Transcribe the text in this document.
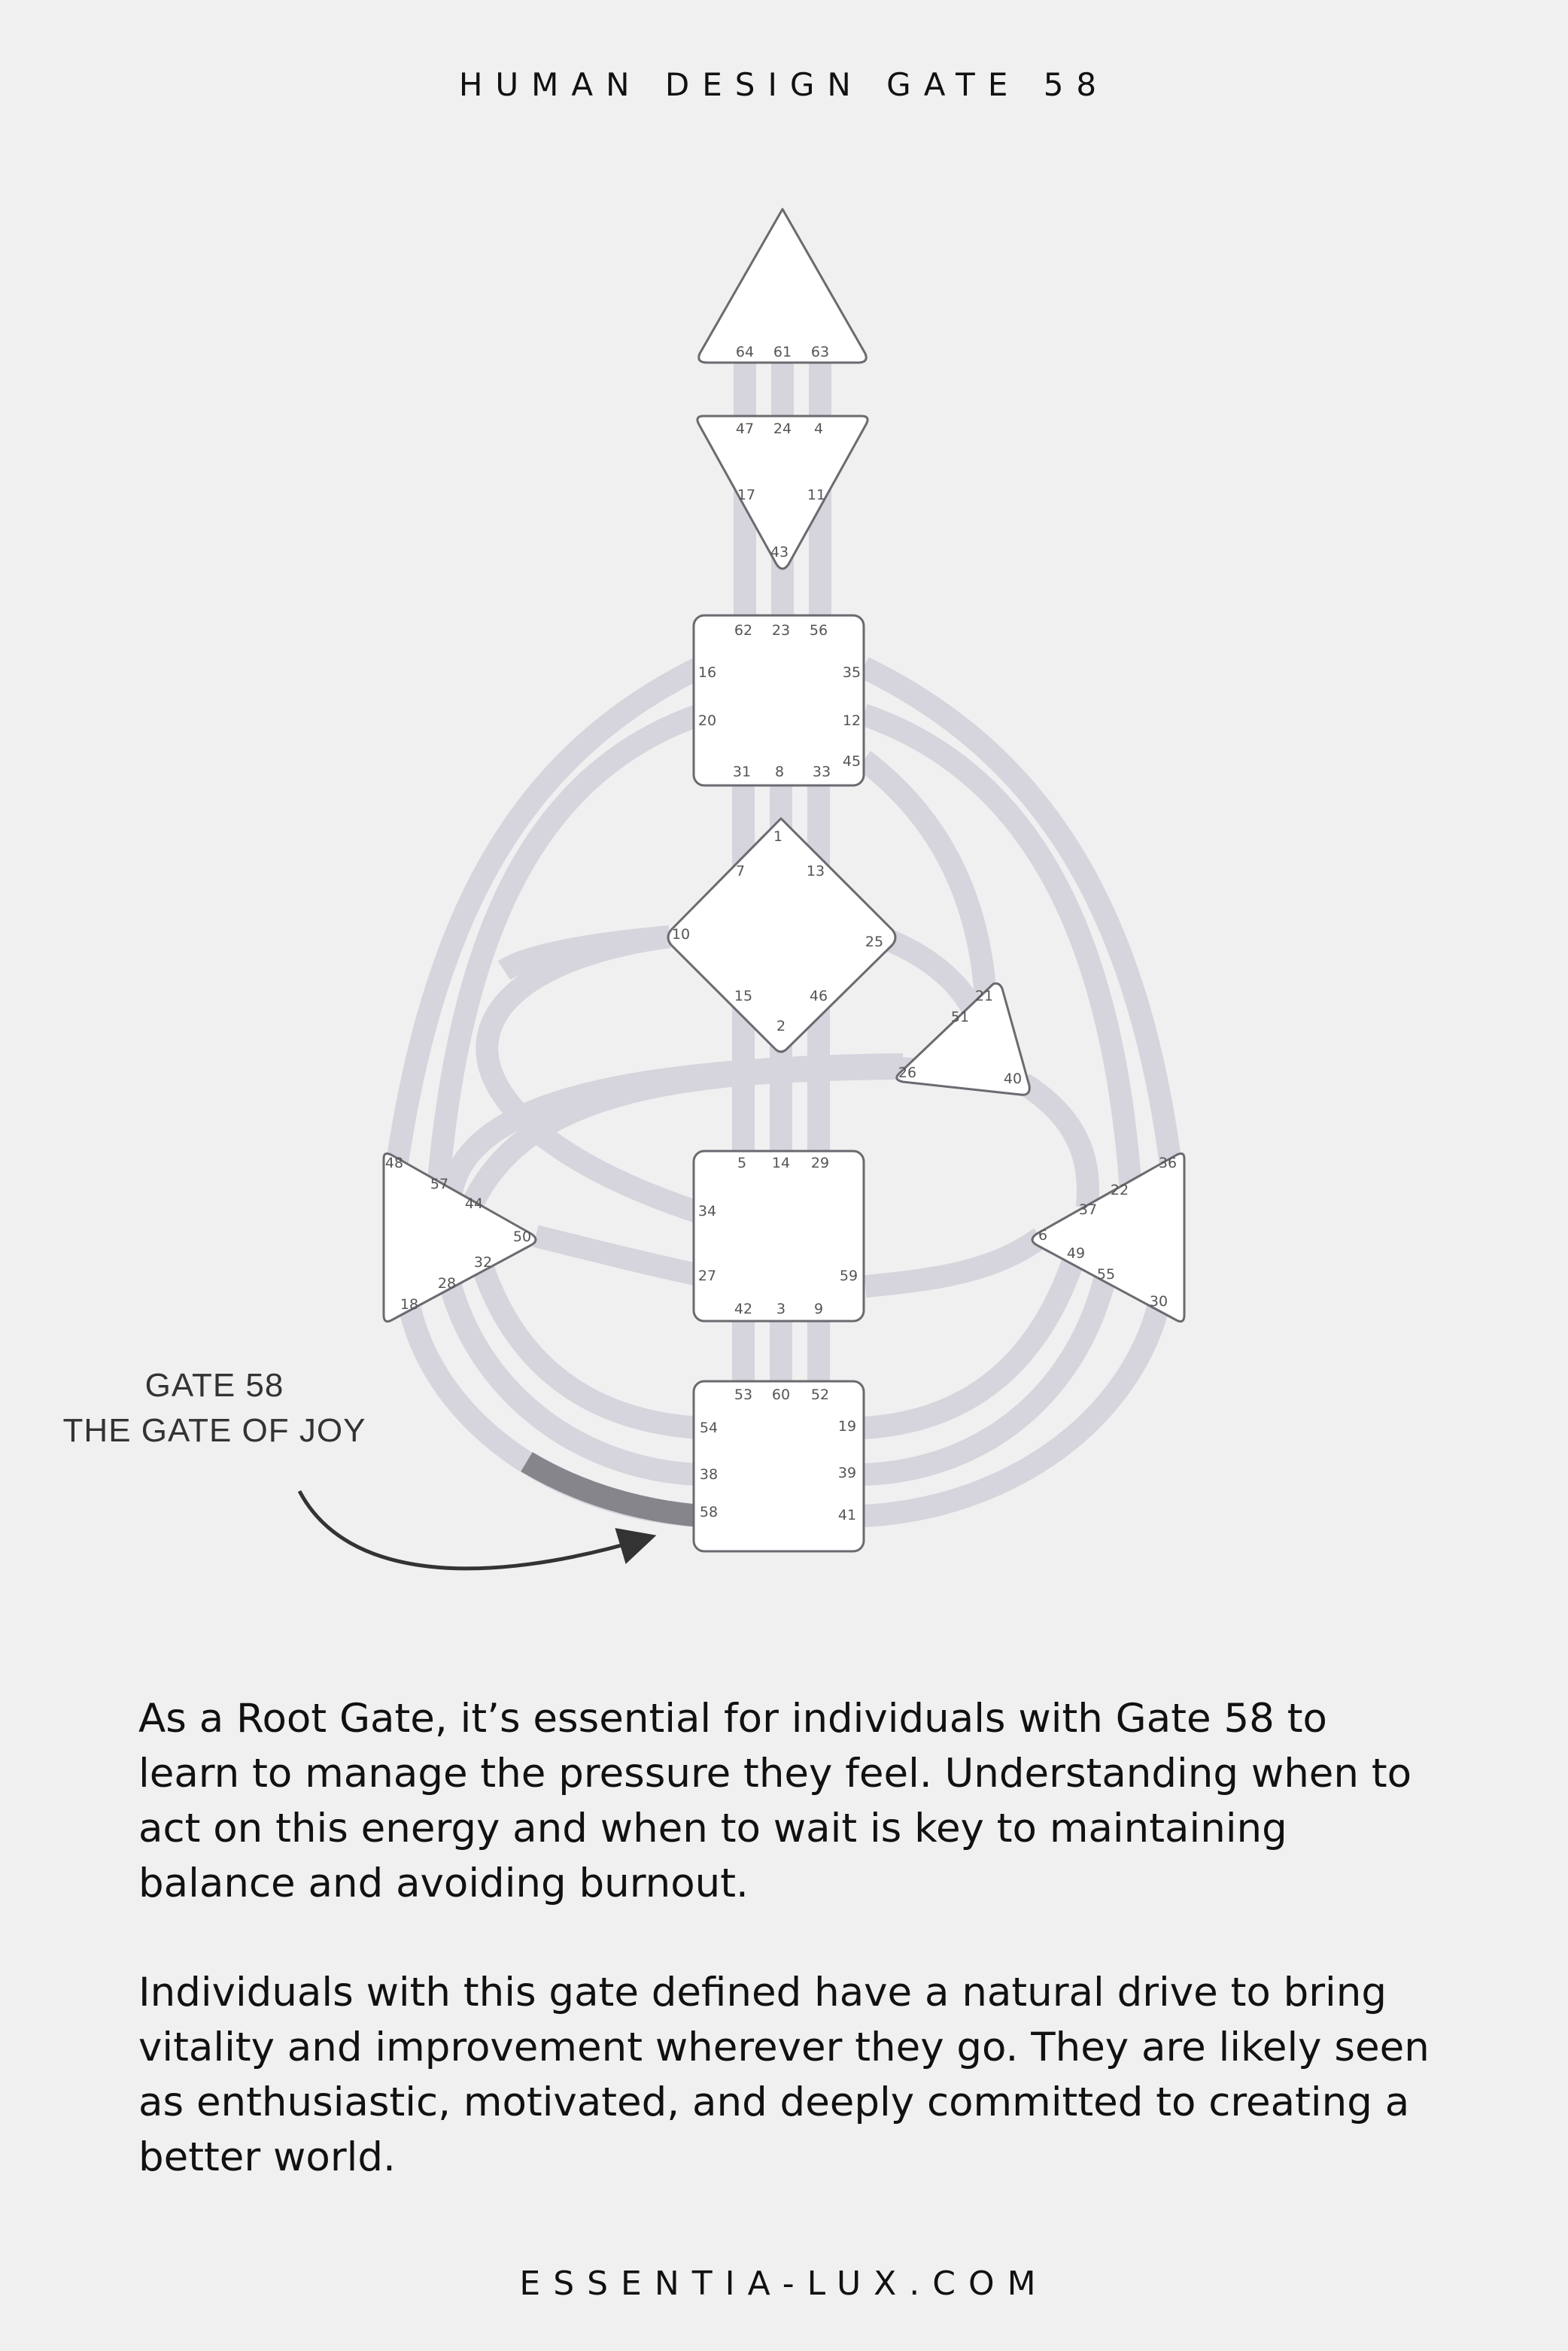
HUMAN DESIGN GATE 58
64 61 63
47 24 4
17	11
43
62 23 56
16	35
20	12
45
31 8 33
1
7	13
10	25
15	46
2
21
51
26	40
48
57
44
50
32
28
18
5 14 29
34
27	59
42 3 9
36
22
37
6
49
55
30
53 60 52
54	19
38	39
58	41
GATE 58
THE GATE OF JOY
As a Root Gate, it’s essential for individuals with Gate 58 to learn to manage the pressure they feel. Understanding when to act on this energy and when to wait is key to maintaining balance and avoiding burnout.
Individuals with this gate defined have a natural drive to bring vitality and improvement wherever they go. They are likely seen as enthusiastic, motivated, and deeply committed to creating a better world.
ESSENTIA-LUX.COM
